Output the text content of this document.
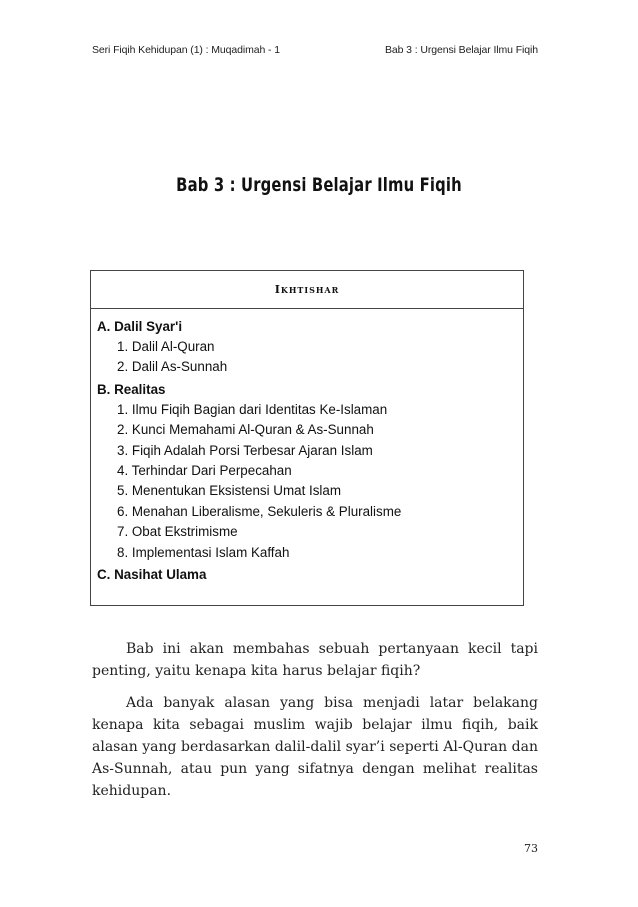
Seri Fiqih Kehidupan (1) : Muqadimah - 1	Bab 3 : Urgensi Belajar Ilmu Fiqih
Bab 3 : Urgensi Belajar Ilmu Fiqih
Ikhtishar
A. Dalil Syar'i
1. Dalil Al-Quran
2. Dalil As-Sunnah
B. Realitas
1. Ilmu Fiqih Bagian dari Identitas Ke-Islaman
2. Kunci Memahami Al-Quran & As-Sunnah
3. Fiqih Adalah Porsi Terbesar Ajaran Islam
4. Terhindar Dari Perpecahan
5. Menentukan Eksistensi Umat Islam
6. Menahan Liberalisme, Sekuleris & Pluralisme
7. Obat Ekstrimisme
8. Implementasi Islam Kaffah
C. Nasihat Ulama

Bab ini akan membahas sebuah pertanyaan kecil tapi penting, yaitu kenapa kita harus belajar fiqih?

Ada banyak alasan yang bisa menjadi latar belakang kenapa kita sebagai muslim wajib belajar ilmu fiqih, baik alasan yang berdasarkan dalil-dalil syar’i seperti Al-Quran dan As-Sunnah, atau pun yang sifatnya dengan melihat realitas kehidupan.

73
